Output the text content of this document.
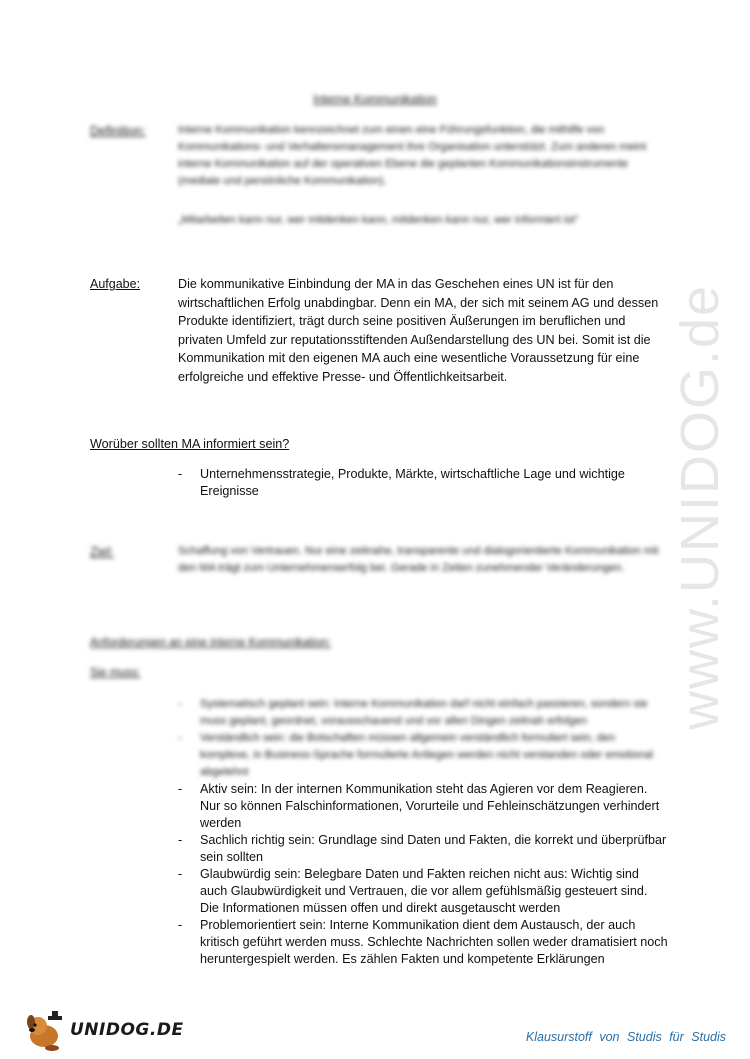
Interne Kommunikation
Definition:	Interne Kommunikation kennzeichnet zum einen eine Führungsfunktion, die mithilfe von Kommunikations- und Verhaltensmanagement ihre Organisation unterstützt. Zum anderen meint interne Kommunikation auf der operativen Ebene die geplanten Kommunikationsinstrumente (mediale und persönliche Kommunikation).

„Mitarbeiten kann nur, wer mitdenken kann, mitdenken kann nur, wer informiert ist“

Aufgabe:	Die kommunikative Einbindung der MA in das Geschehen eines UN ist für den wirtschaftlichen Erfolg unabdingbar. Denn ein MA, der sich mit seinem AG und dessen Produkte identifiziert, trägt durch seine positiven Äußerungen im beruflichen und privaten Umfeld zur reputationsstiftenden Außendarstellung des UN bei. Somit ist die Kommunikation mit den eigenen MA auch eine wesentliche Voraussetzung für eine erfolgreiche und effektive Presse- und Öffentlichkeitsarbeit.

Worüber sollten MA informiert sein?
- Unternehmensstrategie, Produkte, Märkte, wirtschaftliche Lage und wichtige Ereignisse
Ziel:	Schaffung von Vertrauen. Nur eine zeitnahe, transparente und dialogorientierte Kommunikation mit den MA trägt zum Unternehmenserfolg bei. Gerade in Zeiten zunehmender Veränderungen.

Anforderungen an eine interne Kommunikation:
Sie muss:
- Systematisch geplant sein: Interne Kommunikation darf nicht einfach passieren, sondern sie muss geplant, geordnet, vorausschauend und vor allen Dingen zeitnah erfolgen
- Verständlich sein: die Botschaften müssen allgemein verständlich formuliert sein, den komplexe, in Business-Sprache formulierte Anliegen werden nicht verstanden oder emotional abgelehnt
- Aktiv sein: In der internen Kommunikation steht das Agieren vor dem Reagieren. Nur so können Falschinformationen, Vorurteile und Fehleinschätzungen verhindert werden
- Sachlich richtig sein: Grundlage sind Daten und Fakten, die korrekt und überprüfbar sein sollten
- Glaubwürdig sein: Belegbare Daten und Fakten reichen nicht aus: Wichtig sind auch Glaubwürdigkeit und Vertrauen, die vor allem gefühlsmäßig gesteuert sind. Die Informationen müssen offen und direkt ausgetauscht werden
- Problemorientiert sein: Interne Kommunikation dient dem Austausch, der auch kritisch geführt werden muss. Schlechte Nachrichten sollen weder dramatisiert noch heruntergespielt werden. Es zählen Fakten und kompetente Erklärungen
www.UNIDOG.de
UNIDOG.DE	Klausurstoff von Studis für Studis
